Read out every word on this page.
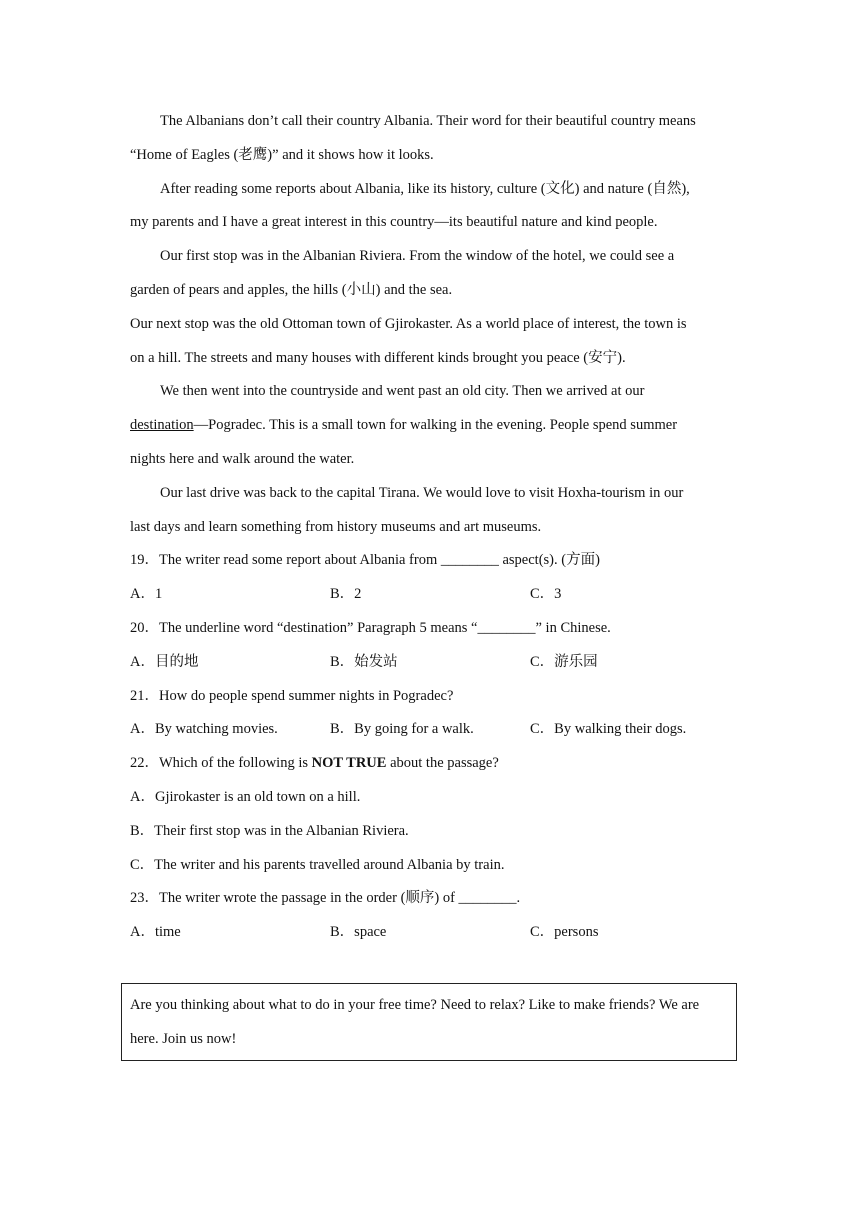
The Albanians don’t call their country Albania. Their word for their beautiful country means
“Home of Eagles (老鹰)” and it shows how it looks.
After reading some reports about Albania, like its history, culture (文化) and nature (自然),
my parents and I have a great interest in this country—its beautiful nature and kind people.
Our first stop was in the Albanian Riviera. From the window of the hotel, we could see a
garden of pears and apples, the hills (小山) and the sea.
Our next stop was the old Ottoman town of Gjirokaster. As a world place of interest, the town is
on a hill. The streets and many houses with different kinds brought you peace (安宁).
We then went into the countryside and went past an old city. Then we arrived at our
destination—Pogradec. This is a small town for walking in the evening. People spend summer
nights here and walk around the water.
Our last drive was back to the capital Tirana. We would love to visit Hoxha-tourism in our
last days and learn something from history museums and art museums.
19．The writer read some report about Albania from ________ aspect(s). (方面)
A．1	B．2	C．3
20．The underline word “destination” Paragraph 5 means “________” in Chinese.
A．目的地	B．始发站	C．游乐园
21．How do people spend summer nights in Pogradec?
A．By watching movies.	B．By going for a walk.	C．By walking their dogs.
22．Which of the following is NOT TRUE about the passage?
A．Gjirokaster is an old town on a hill.
B．Their first stop was in the Albanian Riviera.
C．The writer and his parents travelled around Albania by train.
23．The writer wrote the passage in the order (顺序) of ________.
A．time	B．space	C．persons
Are you thinking about what to do in your free time? Need to relax? Like to make friends? We are
here. Join us now!
